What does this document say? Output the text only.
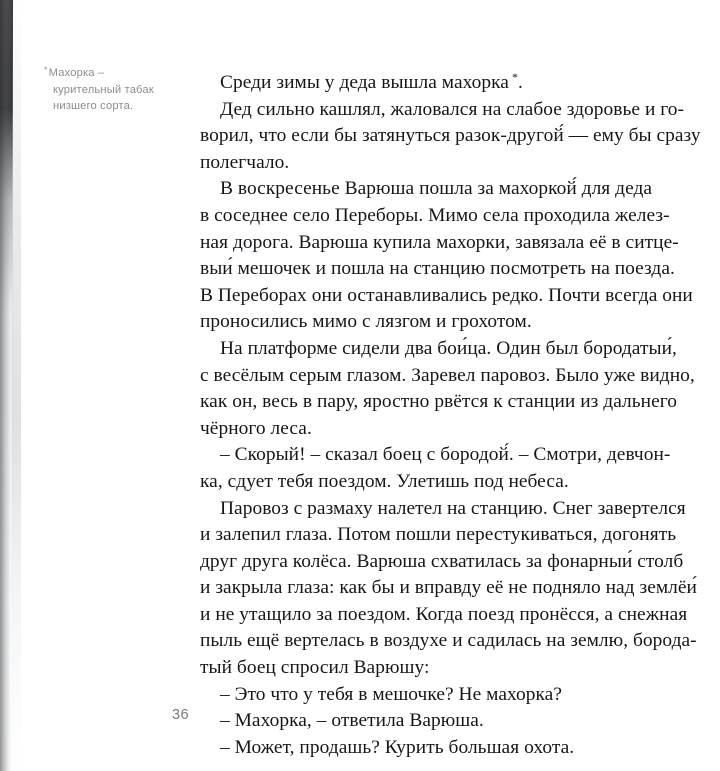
*Махорка –
курительный табак
низшего сорта.

Среди зимы у деда вышла махорка *.

Дед сильно кашлял, жаловался на слабое здоровье и го-
ворил, что если бы затянуться разок-другой́ — ему бы сразу
полегчало.

В воскресенье Варюша пошла за махоркой́ для деда
в соседнее село Переборы. Мимо села проходила желез-
ная дорога. Варюша купила махорки, завязала её в ситце-
выи́ мешочек и пошла на станцию посмотреть на поезда.
В Переборах они останавливались редко. Почти всегда они
проносились мимо с лязгом и грохотом.

На платформе сидели два бои́ца. Один был бородатыи́,
с весёлым серым глазом. Заревел паровоз. Было уже видно,
как он, весь в пару, яростно рвётся к станции из дальнего
чёрного леса.

– Скорый! – сказал боец с бородой́. – Смотри, девчон-
ка, сдует тебя поездом. Улетишь под небеса.

Паровоз с размаху налетел на станцию. Снег завертелся
и залепил глаза. Потом пошли перестукиваться, догонять
друг друга колёса. Варюша схватилась за фонарныи́ столб
и закрыла глаза: как бы и вправду её не подняло над землёи́
и не утащило за поездом. Когда поезд пронёсся, а снежная
пыль ещё вертелась в воздухе и садилась на землю, борода-
тый боец спросил Варюшу:

– Это что у тебя в мешочке? Не махорка?

– Махорка, – ответила Варюша.

– Может, продашь? Курить большая охота.

36
